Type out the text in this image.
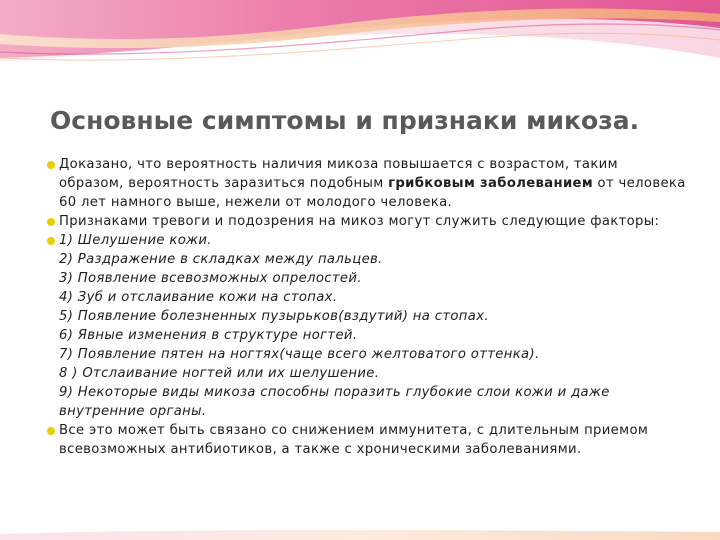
Основные симптомы и признаки микоза.

Доказано, что вероятность наличия микоза повышается с возрастом, таким образом, вероятность заразиться подобным грибковым заболеванием от человека 60 лет намного выше, нежели от молодого человека.

Признаками тревоги и подозрения на микоз могут служить следующие факторы:

1) Шелушение кожи.
2) Раздражение в складках между пальцев.
3) Появление всевозможных опрелостей.
4) Зуб и отслаивание кожи на стопах.
5) Появление болезненных пузырьков(вздутий) на стопах.
6) Явные изменения в структуре ногтей.
7) Появление пятен на ногтях(чаще всего желтоватого оттенка).
8 ) Отслаивание ногтей или их шелушение.
9) Некоторые виды микоза способны поразить глубокие слои кожи и даже внутренние органы.

Все это может быть связано со снижением иммунитета, с длительным приемом всевозможных антибиотиков, а также с хроническими заболеваниями.
